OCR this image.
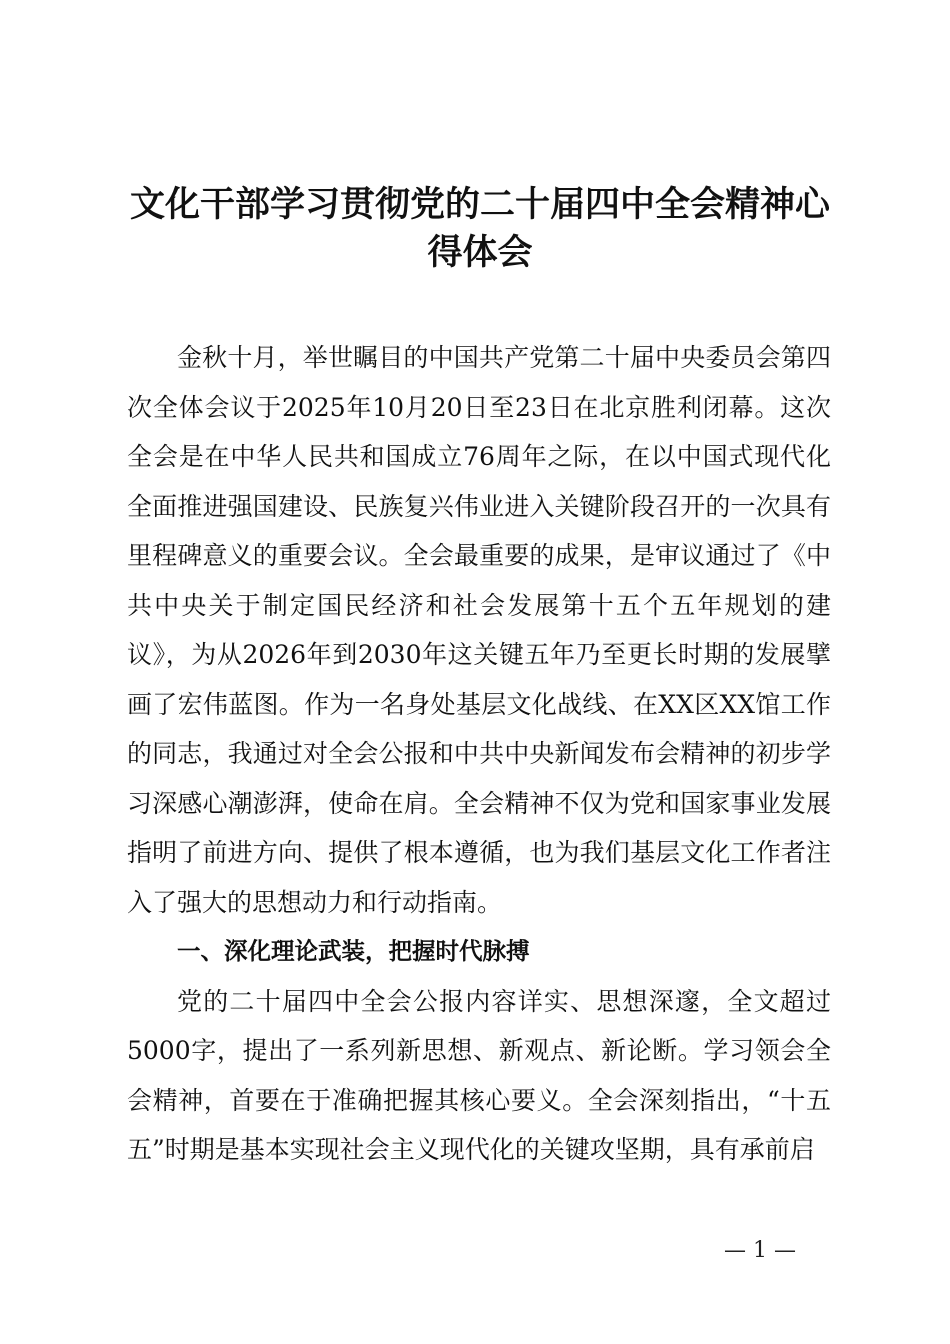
文化干部学习贯彻党的二十届四中全会精神心得体会

金秋十月，举世瞩目的中国共产党第二十届中央委员会第四次全体会议于2025年10月20日至23日在北京胜利闭幕。这次全会是在中华人民共和国成立76周年之际，在以中国式现代化全面推进强国建设、民族复兴伟业进入关键阶段召开的一次具有里程碑意义的重要会议。全会最重要的成果，是审议通过了《中共中央关于制定国民经济和社会发展第十五个五年规划的建议》，为从2026年到2030年这关键五年乃至更长时期的发展擘画了宏伟蓝图。作为一名身处基层文化战线、在XX区XX馆工作的同志，我通过对全会公报和中共中央新闻发布会精神的初步学习深感心潮澎湃，使命在肩。全会精神不仅为党和国家事业发展指明了前进方向、提供了根本遵循，也为我们基层文化工作者注入了强大的思想动力和行动指南。

一、深化理论武装，把握时代脉搏

党的二十届四中全会公报内容详实、思想深邃，全文超过5000字，提出了一系列新思想、新观点、新论断。学习领会全会精神，首要在于准确把握其核心要义。全会深刻指出，“十五五”时期是基本实现社会主义现代化的关键攻坚期，具有承前启

— 1 —
